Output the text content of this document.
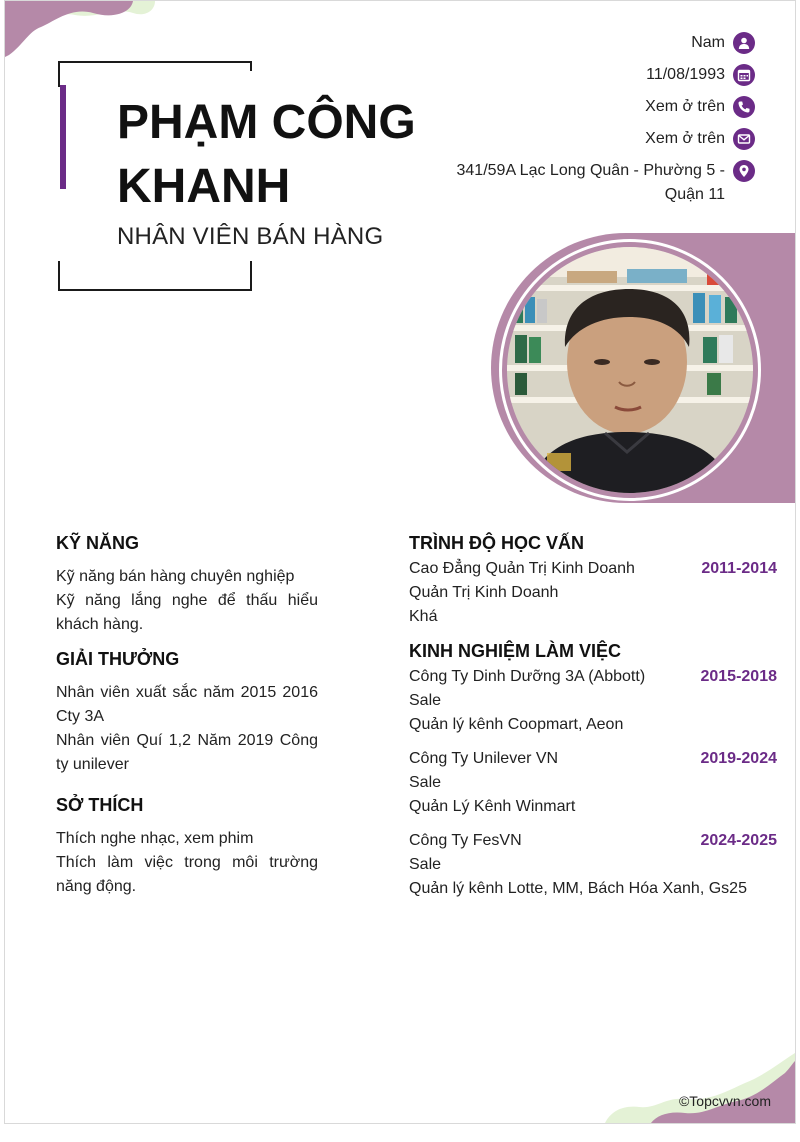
PHẠM CÔNG KHANH
NHÂN VIÊN BÁN HÀNG
Nam
11/08/1993
Xem ở trên
Xem ở trên
341/59A Lạc Long Quân - Phường 5 - Quận 11
KỸ NĂNG
Kỹ năng bán hàng chuyên nghiệp
Kỹ năng lắng nghe để thấu hiểu khách hàng.
GIẢI THƯỞNG
Nhân viên xuất sắc năm 2015 2016 Cty 3A
Nhân viên Quí 1,2 Năm 2019 Công ty unilever
SỞ THÍCH
Thích nghe nhạc, xem phim
Thích làm việc trong môi trường năng động.
TRÌNH ĐỘ HỌC VẤN
Cao Đẳng Quản Trị Kinh Doanh	2011-2014
Quản Trị Kinh Doanh
Khá
KINH NGHIỆM LÀM VIỆC
Công Ty Dinh Dưỡng 3A (Abbott)	2015-2018
Sale
Quản lý kênh Coopmart, Aeon
Công Ty Unilever VN	2019-2024
Sale
Quản Lý Kênh Winmart
Công Ty FesVN	2024-2025
Sale
Quản lý kênh Lotte, MM, Bách Hóa Xanh, Gs25
©Topcvvn.com
